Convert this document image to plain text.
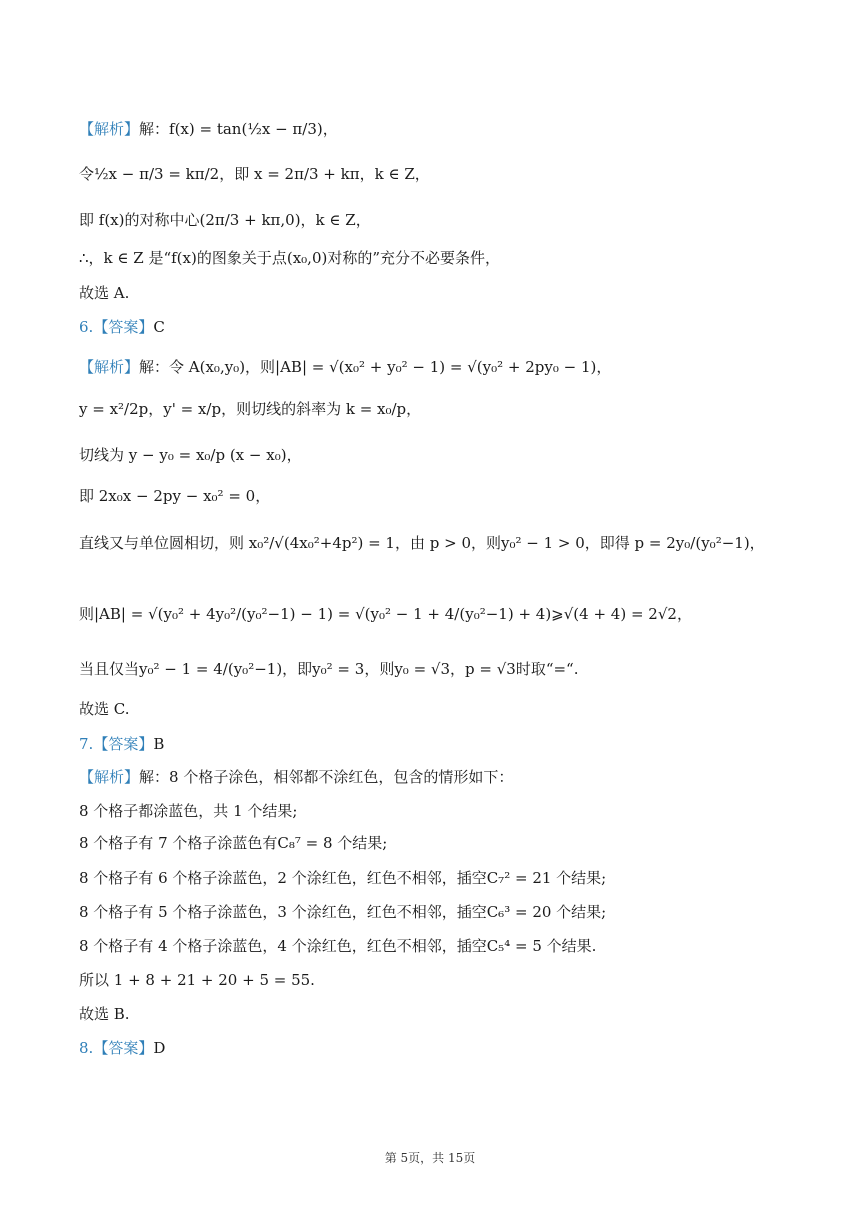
【解析】解：f(x) = tan(½x − π/3)，
令½x − π/3 = kπ/2，即 x = 2π/3 + kπ，k ∈ Z，
即 f(x)的对称中心(2π/3 + kπ,0)，k ∈ Z，
∴，k ∈ Z 是“f(x)的图象关于点(x₀,0)对称的”充分不必要条件，
故选 A.
6.【答案】C
【解析】解：令 A(x₀,y₀)，则|AB| = √(x₀² + y₀² − 1) = √(y₀² + 2py₀ − 1)，
y = x²/2p，y' = x/p，则切线的斜率为 k = x₀/p，
切线为 y − y₀ = x₀/p (x − x₀)，
即 2x₀x − 2py − x₀² = 0，
直线又与单位圆相切，则 x₀²/√(4x₀²+4p²) = 1，由 p > 0，则y₀² − 1 > 0，即得 p = 2y₀/(y₀²−1)，
则|AB| = √(y₀² + 4y₀²/(y₀²−1) − 1) = √(y₀² − 1 + 4/(y₀²−1) + 4)⩾√(4 + 4) = 2√2，
当且仅当y₀² − 1 = 4/(y₀²−1)，即y₀² = 3，则y₀ = √3，p = √3时取“=“.
故选 C.
7.【答案】B
【解析】解：8 个格子涂色，相邻都不涂红色，包含的情形如下：
8 个格子都涂蓝色，共 1 个结果;
8 个格子有 7 个格子涂蓝色有C₈⁷ = 8 个结果;
8 个格子有 6 个格子涂蓝色，2 个涂红色，红色不相邻，插空C₇² = 21 个结果;
8 个格子有 5 个格子涂蓝色，3 个涂红色，红色不相邻，插空C₆³ = 20 个结果;
8 个格子有 4 个格子涂蓝色，4 个涂红色，红色不相邻，插空C₅⁴ = 5 个结果.
所以 1 + 8 + 21 + 20 + 5 = 55.
故选 B.
8.【答案】D
第 5页，共 15页
